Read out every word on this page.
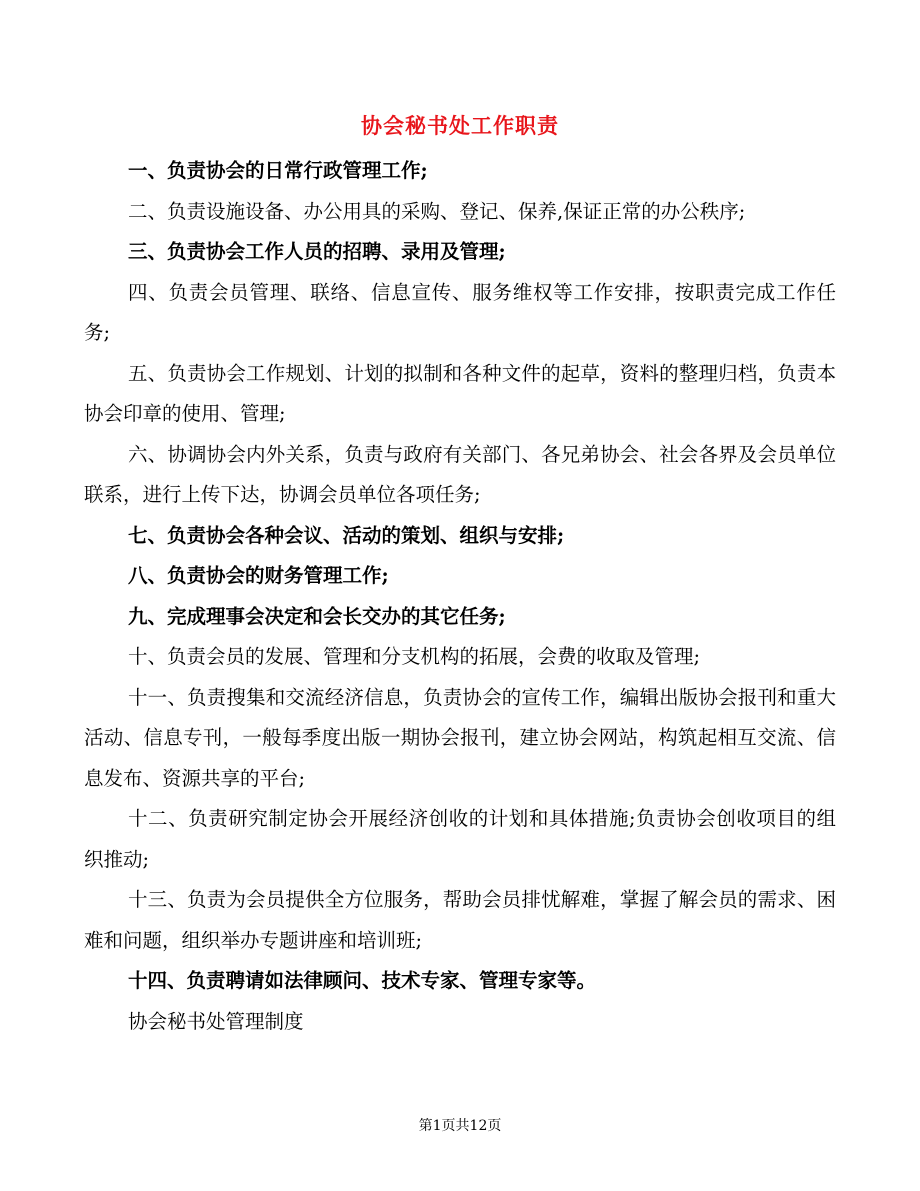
协会秘书处工作职责

一、负责协会的日常行政管理工作;

二、负责设施设备、办公用具的采购、登记、保养,保证正常的办公秩序;

三、负责协会工作人员的招聘、录用及管理;

四、负责会员管理、联络、信息宣传、服务维权等工作安排，按职责完成工作任务;

五、负责协会工作规划、计划的拟制和各种文件的起草，资料的整理归档，负责本协会印章的使用、管理;

六、协调协会内外关系，负责与政府有关部门、各兄弟协会、社会各界及会员单位联系，进行上传下达，协调会员单位各项任务;

七、负责协会各种会议、活动的策划、组织与安排;

八、负责协会的财务管理工作;

九、完成理事会决定和会长交办的其它任务;

十、负责会员的发展、管理和分支机构的拓展，会费的收取及管理;

十一、负责搜集和交流经济信息，负责协会的宣传工作，编辑出版协会报刊和重大活动、信息专刊，一般每季度出版一期协会报刊，建立协会网站，构筑起相互交流、信息发布、资源共享的平台;

十二、负责研究制定协会开展经济创收的计划和具体措施;负责协会创收项目的组织推动;

十三、负责为会员提供全方位服务，帮助会员排忧解难，掌握了解会员的需求、困难和问题，组织举办专题讲座和培训班;

十四、负责聘请如法律顾问、技术专家、管理专家等。

协会秘书处管理制度

第1页共12页
